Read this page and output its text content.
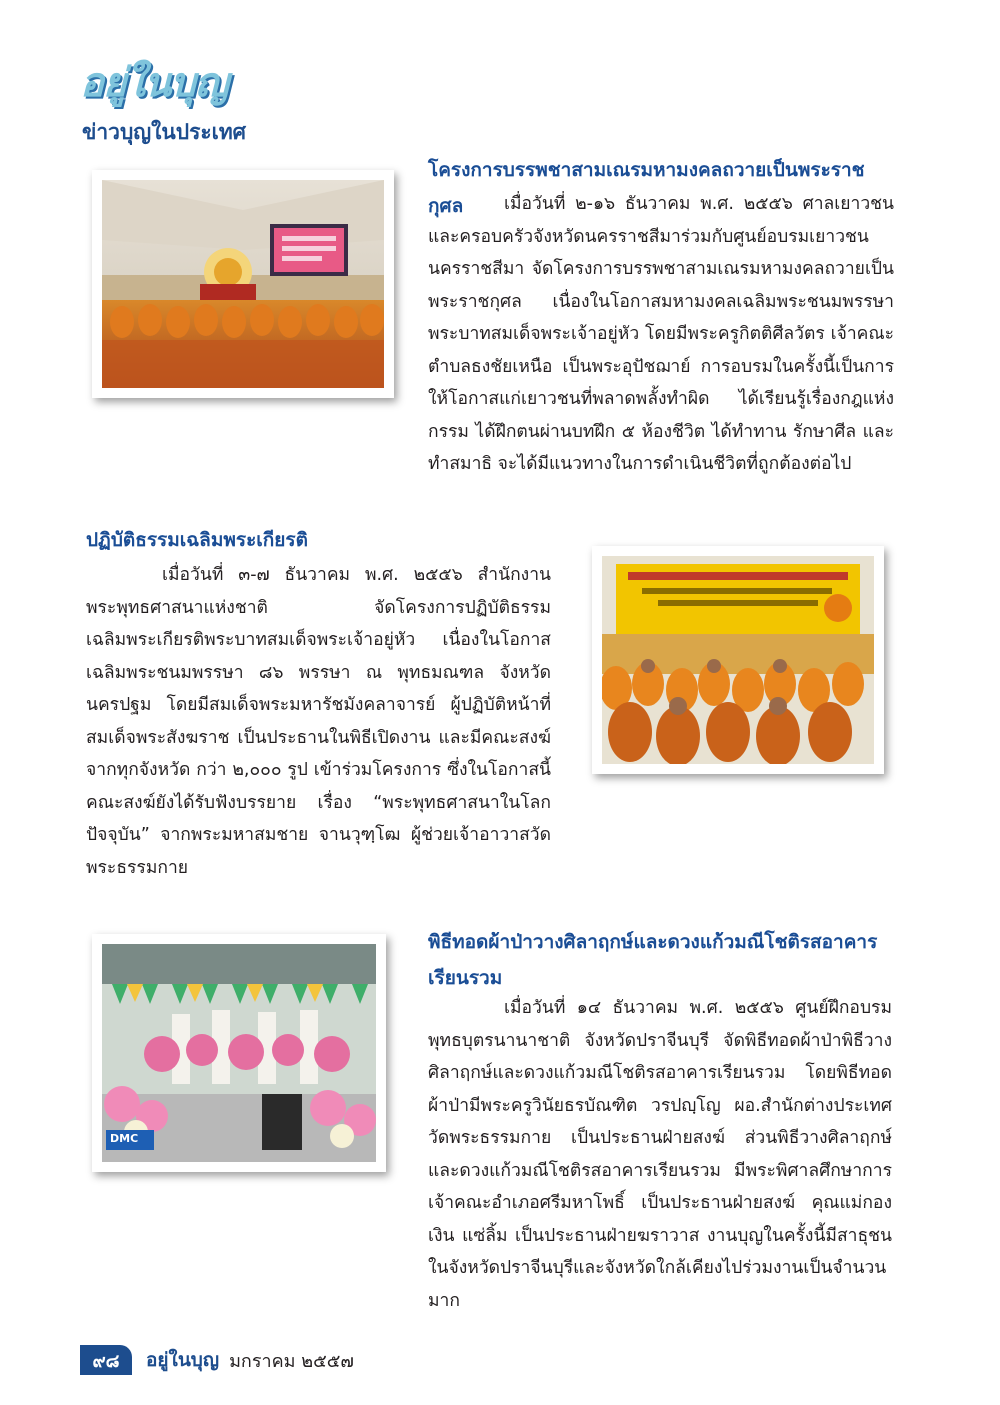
อยู่ในบุญ
ข่าวบุญในประเทศ
โครงการบรรพชาสามเณรมหามงคลถวายเป็นพระราชกุศล	เมื่อวันที่ ๒-๑๖ ธันวาคม พ.ศ. ๒๕๕๖ ศาลเยาวชนและครอบครัวจังหวัดนครราชสีมาร่วมกับศูนย์อบรมเยาวชนนครราชสีมา จัดโครงการบรรพชาสามเณรมหามงคลถวายเป็นพระราชกุศล เนื่องในโอกาสมหามงคลเฉลิมพระชนมพรรษา พระบาทสมเด็จพระเจ้าอยู่หัว โดยมีพระครูกิตติศีลวัตร เจ้าคณะตำบลธงชัยเหนือ เป็นพระอุปัชฌาย์ การอบรมในครั้งนี้เป็นการให้โอกาสแก่เยาวชนที่พลาดพลั้งทำผิด ได้เรียนรู้เรื่องกฎแห่งกรรม ได้ฝึกตนผ่านบทฝึก ๕ ห้องชีวิต ได้ทำทาน รักษาศีล และทำสมาธิ จะได้มีแนวทางในการดำเนินชีวิตที่ถูกต้องต่อไป

ปฏิบัติธรรมเฉลิมพระเกียรติ

เมื่อวันที่ ๓-๗ ธันวาคม พ.ศ. ๒๕๕๖ สำนักงานพระพุทธศาสนาแห่งชาติ จัดโครงการปฏิบัติธรรมเฉลิมพระเกียรติพระบาทสมเด็จพระเจ้าอยู่หัว เนื่องในโอกาสเฉลิมพระชนมพรรษา ๘๖ พรรษา ณ พุทธมณฑล จังหวัดนครปฐม โดยมีสมเด็จพระมหารัชมังคลาจารย์ ผู้ปฏิบัติหน้าที่สมเด็จพระสังฆราช เป็นประธานในพิธีเปิดงาน และมีคณะสงฆ์จากทุกจังหวัด กว่า ๒,๐๐๐ รูป เข้าร่วมโครงการ ซึ่งในโอกาสนี้ คณะสงฆ์ยังได้รับฟังบรรยาย เรื่อง “พระพุทธศาสนาในโลกปัจจุบัน” จากพระมหาสมชาย จานวุฑฺโฒ ผู้ช่วยเจ้าอาวาสวัดพระธรรมกาย

DMC
พิธีทอดผ้าป่าวางศิลาฤกษ์และดวงแก้วมณีโชติรสอาคารเรียนรวม

เมื่อวันที่ ๑๔ ธันวาคม พ.ศ. ๒๕๕๖ ศูนย์ฝึกอบรมพุทธบุตรนานาชาติ จังหวัดปราจีนบุรี จัดพิธีทอดผ้าป่าพิธีวางศิลาฤกษ์และดวงแก้วมณีโชติรสอาคารเรียนรวม โดยพิธีทอดผ้าป่ามีพระครูวินัยธรบัณฑิต วรปญฺโญ ผอ.สำนักต่างประเทศ วัดพระธรรมกาย เป็นประธานฝ่ายสงฆ์ ส่วนพิธีวางศิลาฤกษ์และดวงแก้วมณีโชติรสอาคารเรียนรวม มีพระพิศาลศึกษาการ เจ้าคณะอำเภอศรีมหาโพธิ์ เป็นประธานฝ่ายสงฆ์ คุณแม่กองเงิน แซ่ลิ้ม เป็นประธานฝ่ายฆราวาส งานบุญในครั้งนี้มีสาธุชนในจังหวัดปราจีนบุรีและจังหวัดใกล้เคียงไปร่วมงานเป็นจำนวนมาก

๙๘	อยู่ในบุญ มกราคม ๒๕๕๗
